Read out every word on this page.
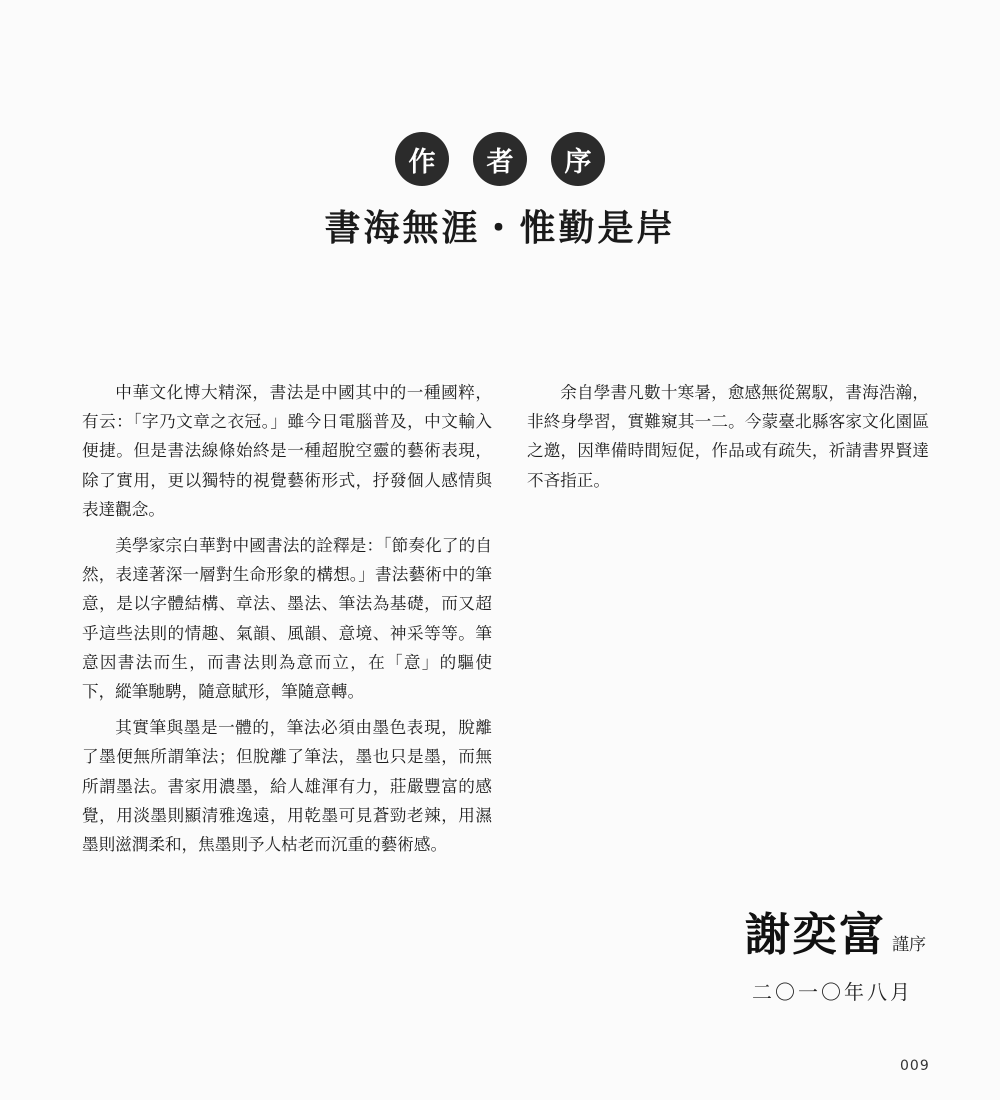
作	者	序
書海無涯・惟勤是岸

中華文化博大精深，書法是中國其中的一種國粹，有云：「字乃文章之衣冠。」雖今日電腦普及，中文輸入便捷。但是書法線條始終是一種超脫空靈的藝術表現，除了實用，更以獨特的視覺藝術形式，抒發個人感情與表達觀念。

美學家宗白華對中國書法的詮釋是：「節奏化了的自然，表達著深一層對生命形象的構想。」書法藝術中的筆意，是以字體結構、章法、墨法、筆法為基礎，而又超乎這些法則的情趣、氣韻、風韻、意境、神采等等。筆意因書法而生，而書法則為意而立，在「意」的驅使下，縱筆馳騁，隨意賦形，筆隨意轉。

其實筆與墨是一體的，筆法必須由墨色表現，脫離了墨便無所謂筆法；但脫離了筆法，墨也只是墨，而無所謂墨法。書家用濃墨，給人雄渾有力，莊嚴豐富的感覺，用淡墨則顯清雅逸遠，用乾墨可見蒼勁老辣，用濕墨則滋潤柔和，焦墨則予人枯老而沉重的藝術感。

余自學書凡數十寒暑，愈感無從駕馭，書海浩瀚，非終身學習，實難窺其一二。今蒙臺北縣客家文化園區之邀，因準備時間短促，作品或有疏失，祈請書界賢達不吝指正。

謝奕富 謹序
二〇一〇年八月
009
